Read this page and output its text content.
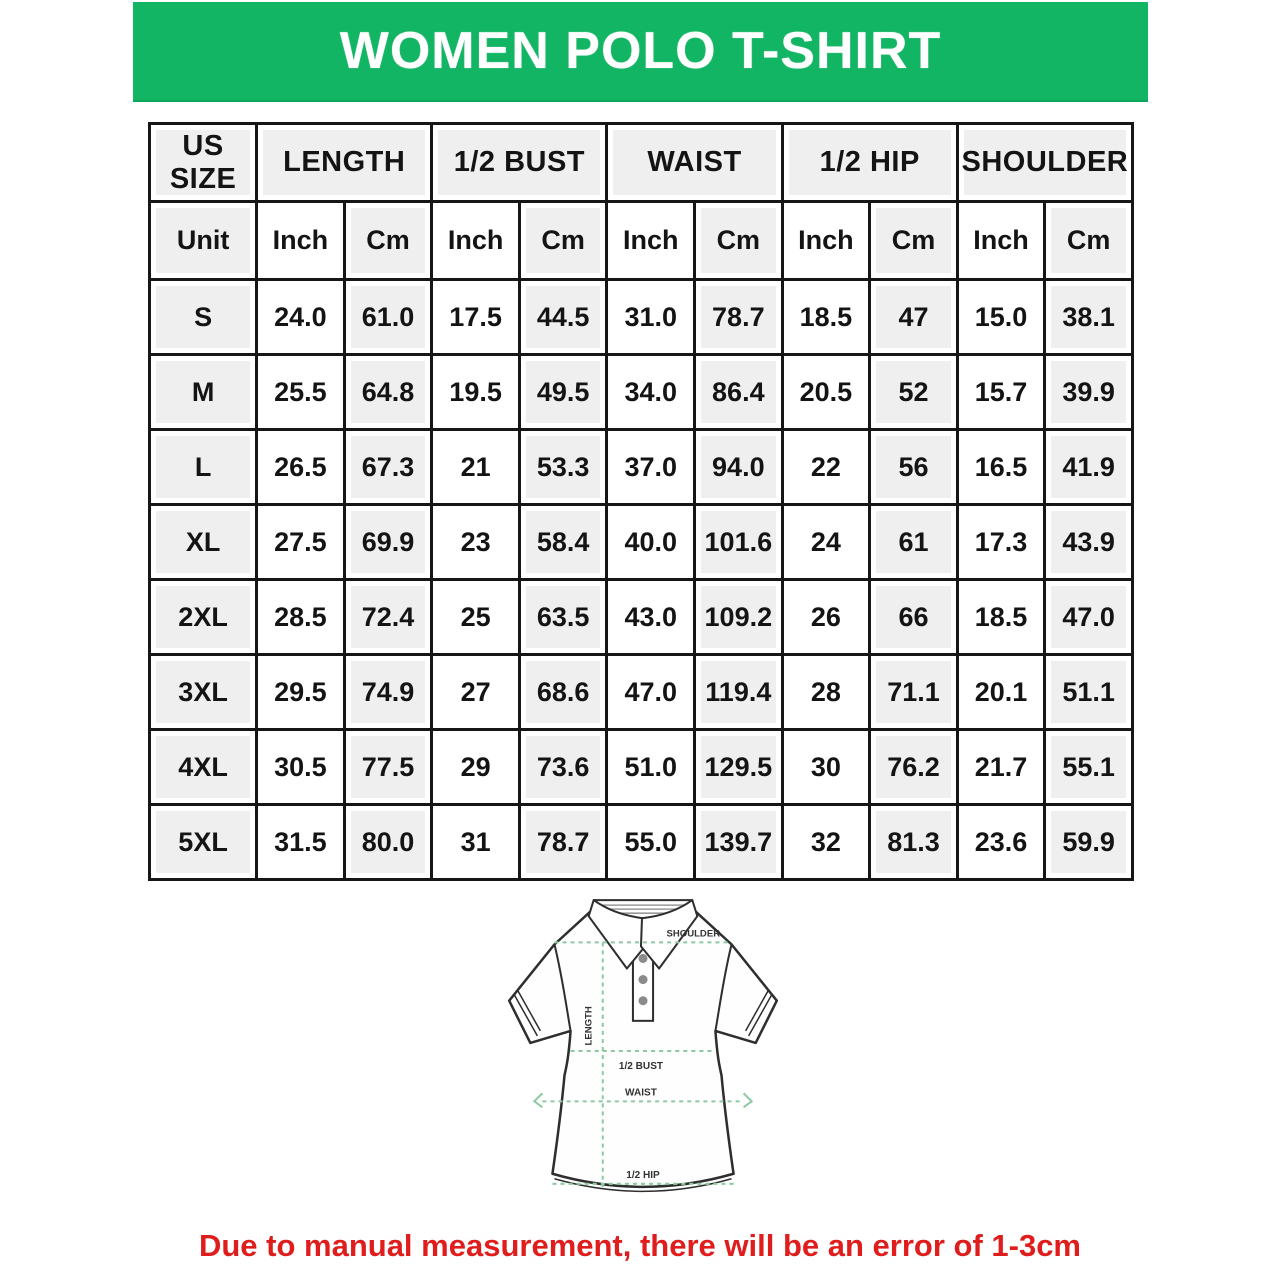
WOMEN POLO T-SHIRT
US SIZE	LENGTH		1/2 BUST		WAIST		1/2 HIP		SHOULDER	
Unit	Inch	Cm	Inch	Cm	Inch	Cm	Inch	Cm	Inch	Cm
S	24.0	61.0	17.5	44.5	31.0	78.7	18.5	47	15.0	38.1
M	25.5	64.8	19.5	49.5	34.0	86.4	20.5	52	15.7	39.9
L	26.5	67.3	21	53.3	37.0	94.0	22	56	16.5	41.9
XL	27.5	69.9	23	58.4	40.0	101.6	24	61	17.3	43.9
2XL	28.5	72.4	25	63.5	43.0	109.2	26	66	18.5	47.0
3XL	29.5	74.9	27	68.6	47.0	119.4	28	71.1	20.1	51.1
4XL	30.5	77.5	29	73.6	51.0	129.5	30	76.2	21.7	55.1
5XL	31.5	80.0	31	78.7	55.0	139.7	32	81.3	23.6	59.9
SHOULDER
LENGTH
1/2 BUST
WAIST
1/2 HIP
Due to manual measurement, there will be an error of 1-3cm
